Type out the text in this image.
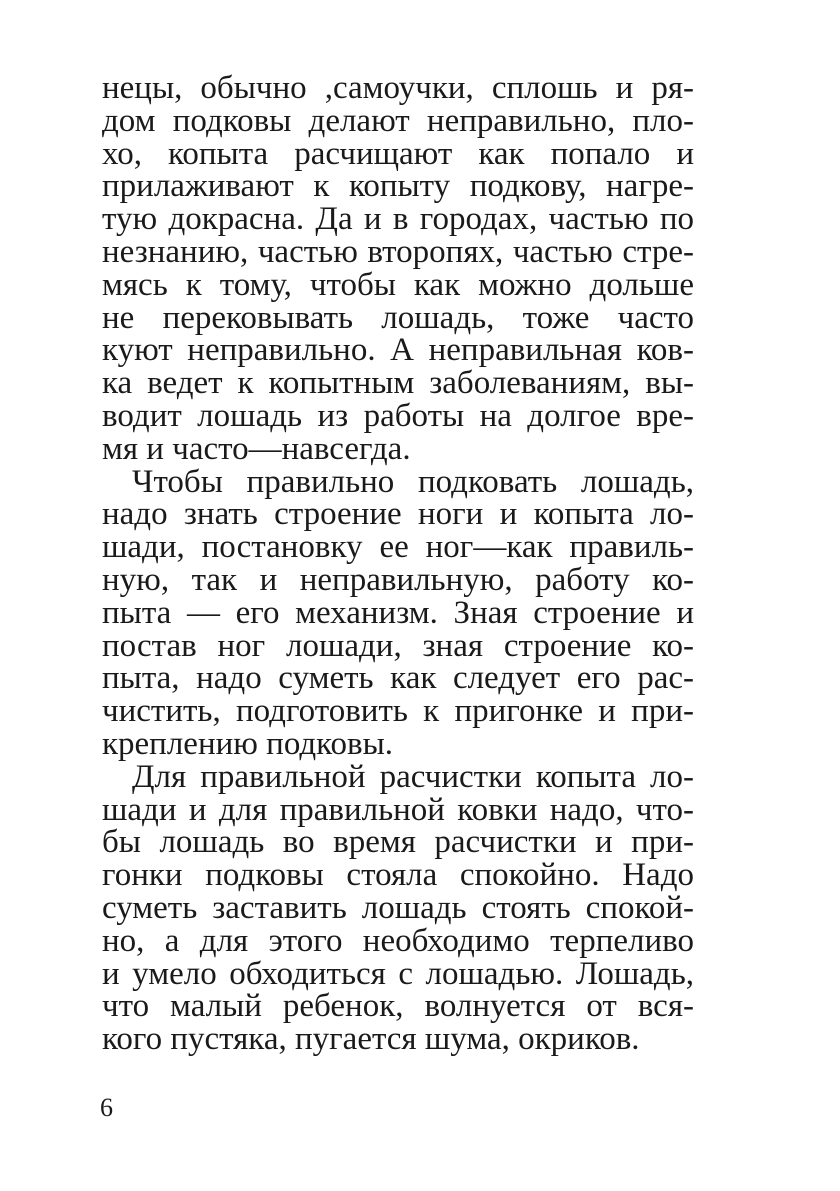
нецы, обычно ,самоучки, сплошь и ря-
дом подковы делают неправильно, пло-
хо, копыта расчищают как попало и
прилаживают к копыту подкову, нагре-
тую докрасна. Да и в городах, частью по
незнанию, частью второпях, частью стре-
мясь к тому, чтобы как можно дольше
не перековывать лошадь, тоже часто
куют неправильно. А неправильная ков-
ка ведет к копытным заболеваниям, вы-
водит лошадь из работы на долгое вре-
мя и часто—навсегда.
Чтобы правильно подковать лошадь,
надо знать строение ноги и копыта ло-
шади, постановку ее ног—как правиль-
ную, так и неправильную, работу ко-
пыта — его механизм. Зная строение и
постав ног лошади, зная строение ко-
пыта, надо суметь как следует его рас-
чистить, подготовить к пригонке и при-
креплению подковы.
Для правильной расчистки копыта ло-
шади и для правильной ковки надо, что-
бы лошадь во время расчистки и при-
гонки подковы стояла спокойно. Надо
суметь заставить лошадь стоять спокой-
но, а для этого необходимо терпеливо
и умело обходиться с лошадью. Лошадь,
что малый ребенок, волнуется от вся-
кого пустяка, пугается шума, окриков.
6
